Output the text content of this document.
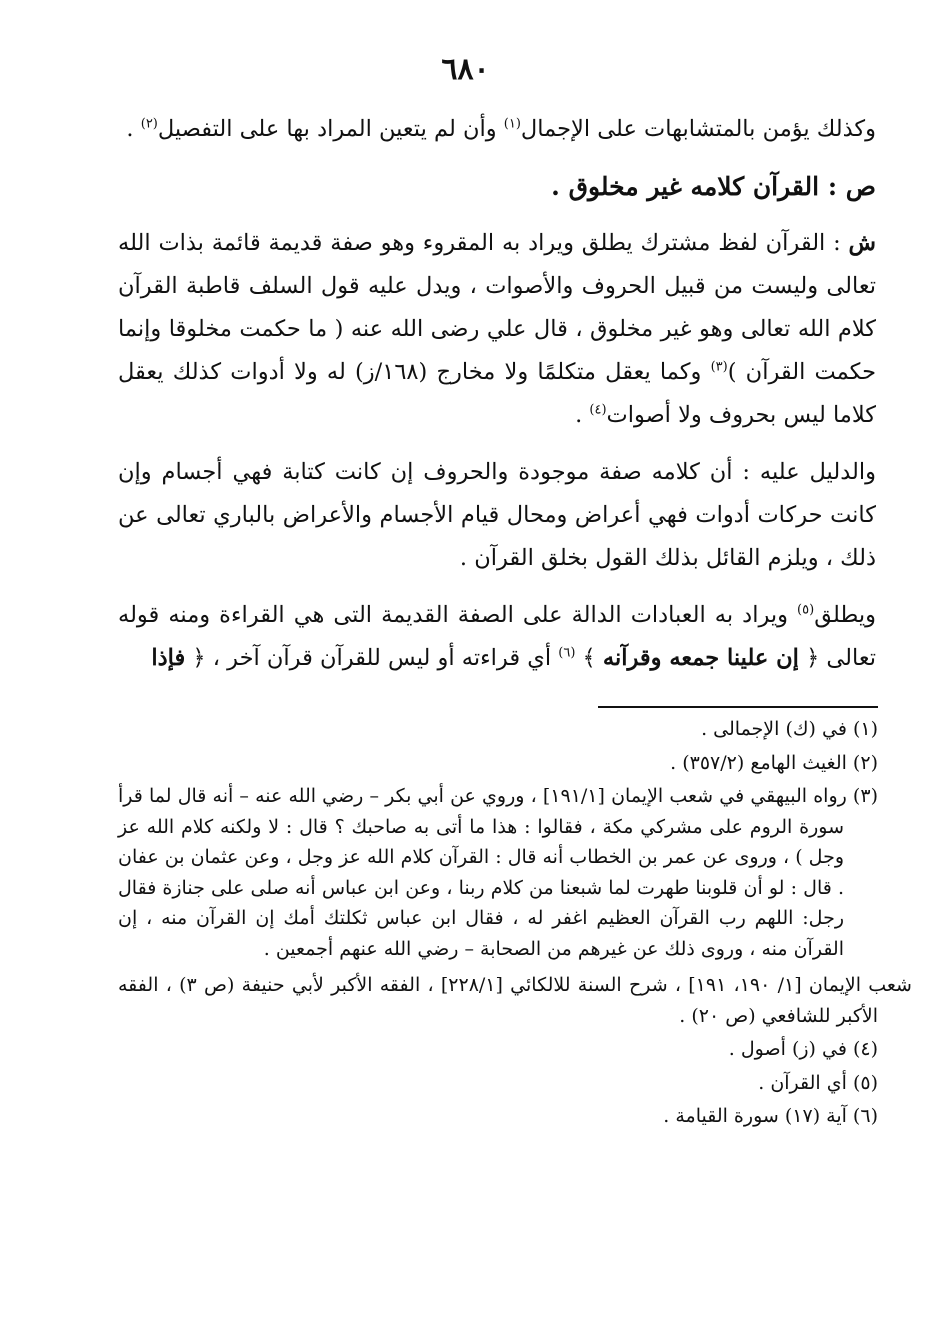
٦٨٠

وكذلك يؤمن بالمتشابهات على الإجمال$^{(١)}$ وأن لم يتعين المراد بها على التفصيل$^{(٢)}$ .

ص : القرآن كلامه غير مخلوق .

ش : القرآن لفظ مشترك يطلق ويراد به المقروء وهو صفة قديمة قائمة بذات الله تعالى وليست من قبيل الحروف والأصوات ، ويدل عليه قول السلف قاطبة القرآن كلام الله تعالى وهو غير مخلوق ، قال علي رضى الله عنه ( ما حكمت مخلوقا وإنما حكمت القرآن )$^{(٣)}$ وكما يعقل متكلمًا ولا مخارج (١٦٨/ز) له ولا أدوات كذلك يعقل كلاما ليس بحروف ولا أصوات$^{(٤)}$ .

والدليل عليه : أن كلامه صفة موجودة والحروف إن كانت كتابة فهي أجسام وإن كانت حركات أدوات فهي أعراض ومحال قيام الأجسام والأعراض بالباري تعالى عن ذلك ، ويلزم القائل بذلك القول بخلق القرآن .

ويطلق$^{(٥)}$ ويراد به العبادات الدالة على الصفة القديمة التى هي القراءة ومنه قوله تعالى ﴿ إن علينا جمعه وقرآنه ﴾ $^{(٦)}$ أي قراءته أو ليس للقرآن قرآن آخر ، ﴿ فإذا

(١) في (ك) الإجمالى .

(٢) الغيث الهامع (٣٥٧/٢) .

(٣) رواه البيهقي في شعب الإيمان [١٩١/١] ، وروي عن أبي بكر – رضي الله عنه – أنه قال لما قرأ سورة الروم على مشركي مكة ، فقالوا : هذا ما أتى به صاحبك ؟ قال : لا ولكنه كلام الله عز وجل ) ، وروى عن عمر بن الخطاب أنه قال : القرآن كلام الله عز وجل ، وعن عثمان بن عفان . قال : لو أن قلوبنا طهرت لما شبعنا من كلام ربنا ، وعن ابن عباس أنه صلى على جنازة فقال رجل: اللهم رب القرآن العظيم اغفر له ، فقال ابن عباس ثكلتك أمك إن القرآن منه ، إن القرآن منه ، وروى ذلك عن غيرهم من الصحابة – رضي الله عنهم أجمعين .

شعب الإيمان [١/ ١٩٠، ١٩١] ، شرح السنة للالكائي [٢٢٨/١] ، الفقه الأكبر لأبي حنيفة (ص ٣) ، الفقه الأكبر للشافعي (ص ٢٠) .

(٤) في (ز) أصول .

(٥) أي القرآن .

(٦) آية (١٧) سورة القيامة .
